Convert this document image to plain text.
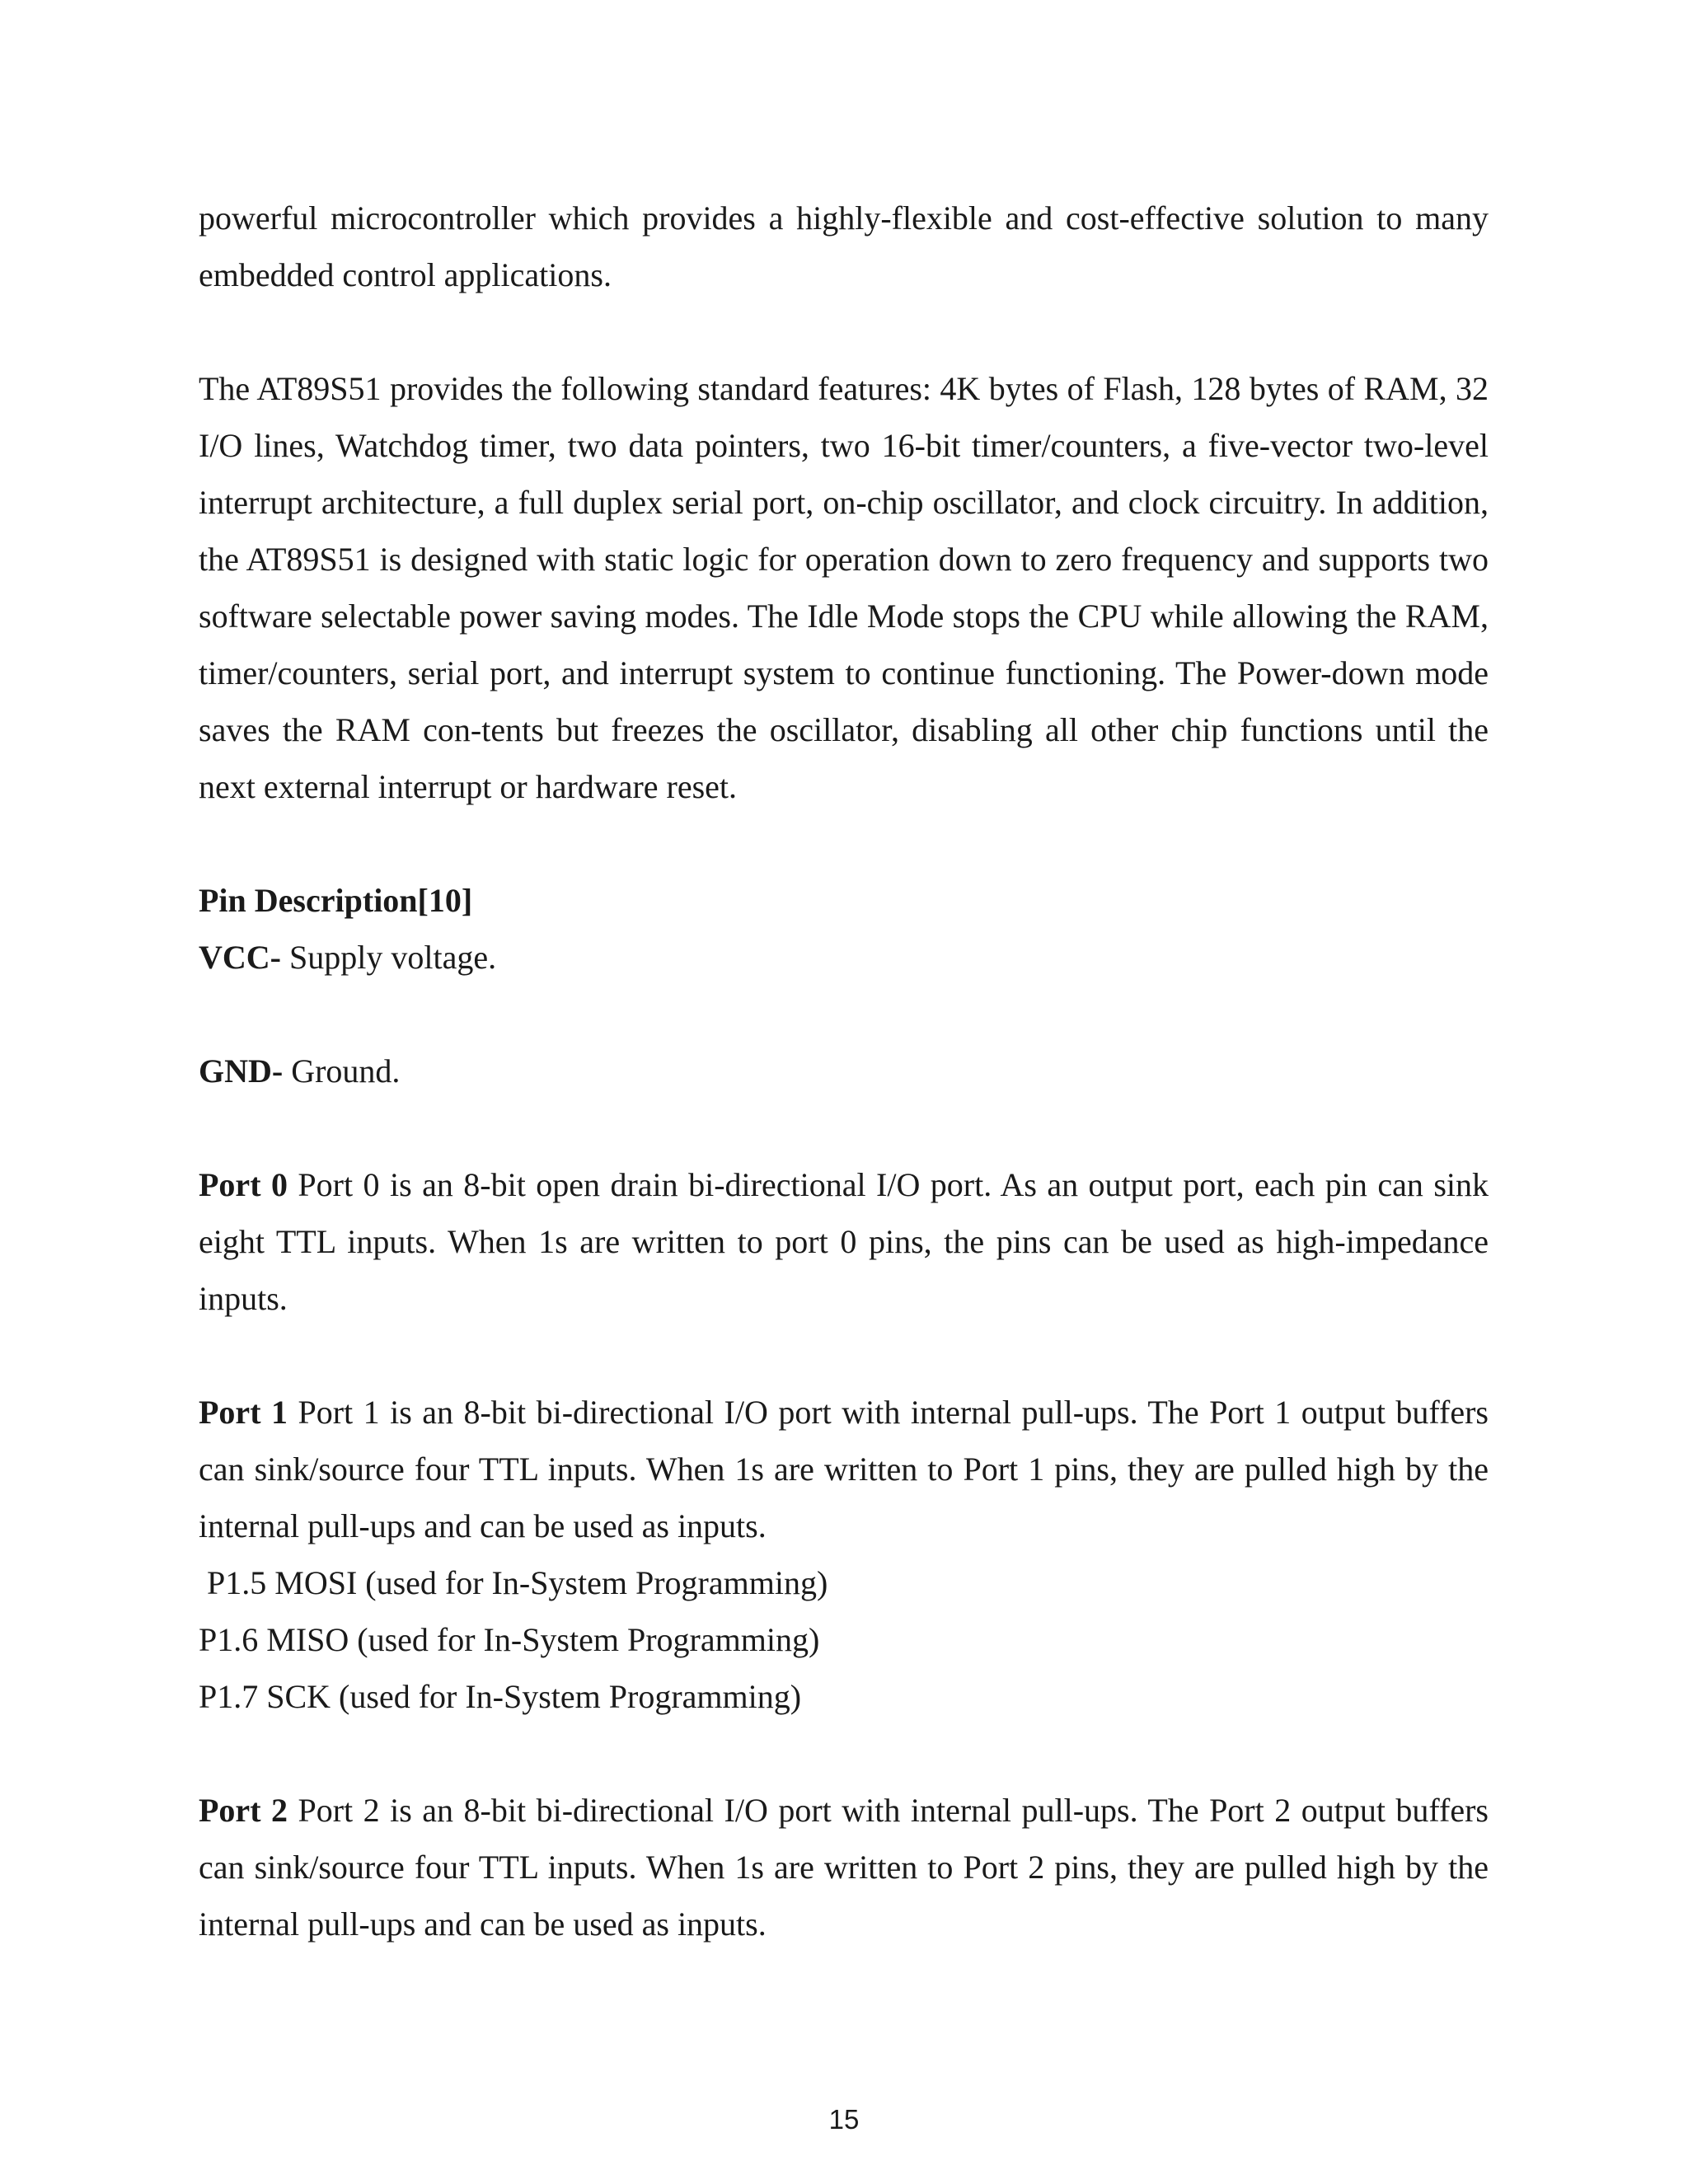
powerful microcontroller which provides a highly-flexible and cost-effective solution to many embedded control applications.

The AT89S51 provides the following standard features: 4K bytes of Flash, 128 bytes of RAM, 32 I/O lines, Watchdog timer, two data pointers, two 16-bit timer/counters, a five-vector two-level interrupt architecture, a full duplex serial port, on-chip oscillator, and clock circuitry. In addition, the AT89S51 is designed with static logic for operation down to zero frequency and supports two software selectable power saving modes. The Idle Mode stops the CPU while allowing the RAM, timer/counters, serial port, and interrupt system to continue functioning. The Power-down mode saves the RAM con-tents but freezes the oscillator, disabling all other chip functions until the next external interrupt or hardware reset.

Pin Description[10]

VCC- Supply voltage.

GND- Ground.

Port 0 Port 0 is an 8-bit open drain bi-directional I/O port. As an output port, each pin can sink eight TTL inputs. When 1s are written to port 0 pins, the pins can be used as high-impedance inputs.

Port 1 Port 1 is an 8-bit bi-directional I/O port with internal pull-ups. The Port 1 output buffers can sink/source four TTL inputs. When 1s are written to Port 1 pins, they are pulled high by the internal pull-ups and can be used as inputs.

P1.5 MOSI (used for In-System Programming)

P1.6 MISO (used for In-System Programming)

P1.7 SCK (used for In-System Programming)

Port 2 Port 2 is an 8-bit bi-directional I/O port with internal pull-ups. The Port 2 output buffers can sink/source four TTL inputs. When 1s are written to Port 2 pins, they are pulled high by the internal pull-ups and can be used as inputs.

15
